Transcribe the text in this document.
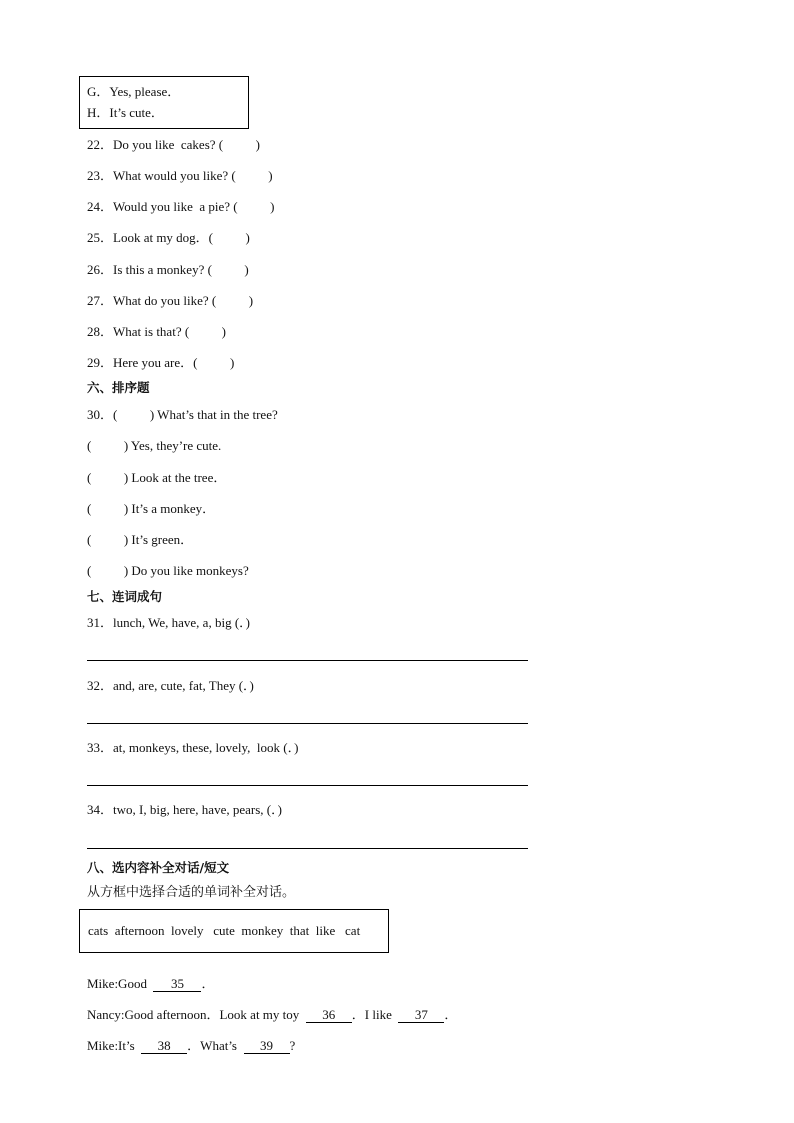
G．Yes, please．
H．It’s cute．
22．Do you like  cakes? (          )
23．What would you like? (          )
24．Would you like  a pie? (          )
25．Look at my dog．(          )
26．Is this a monkey? (          )
27．What do you like? (          )
28．What is that? (          )
29．Here you are．(          )
六、排序题
30．(          ) What’s that in the tree?
(          ) Yes, they’re cute.
(          ) Look at the tree．
(          ) It’s a monkey．
(          ) It’s green．
(          ) Do you like monkeys?
七、连词成句
31．lunch, We, have, a, big (．)
32．and, are, cute, fat, They (．)
33．at, monkeys, these, lovely,  look (．)
34．two, I, big, here, have, pears, (．)
八、选内容补全对话/短文
从方框中选择合适的单词补全对话。
cats  afternoon  lovely   cute  monkey  that  like   cat

Mike:Good  35 ．

Nancy:Good afternoon．Look at my toy  36 ．I like  37 ．

Mike:It’s  38 ．What’s  39 ?
